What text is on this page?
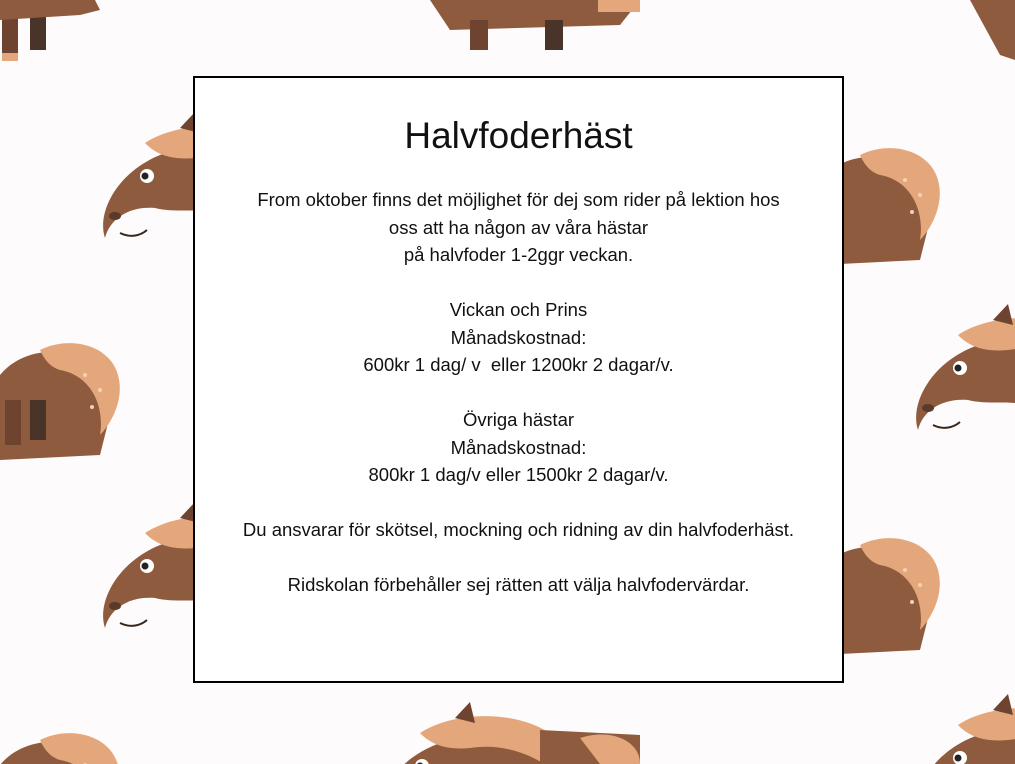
Halvfoderhäst

From oktober finns det möjlighet för dej som rider på lektion hos

oss att ha någon av våra hästar

på halvfoder 1-2ggr veckan.

Vickan och Prins

Månadskostnad:

600kr 1 dag/ v  eller 1200kr 2 dagar/v.

Övriga hästar

Månadskostnad:

800kr 1 dag/v eller 1500kr 2 dagar/v.

Du ansvarar för skötsel, mockning och ridning av din halvfoderhäst.

Ridskolan förbehåller sej rätten att välja halvfodervärdar.
